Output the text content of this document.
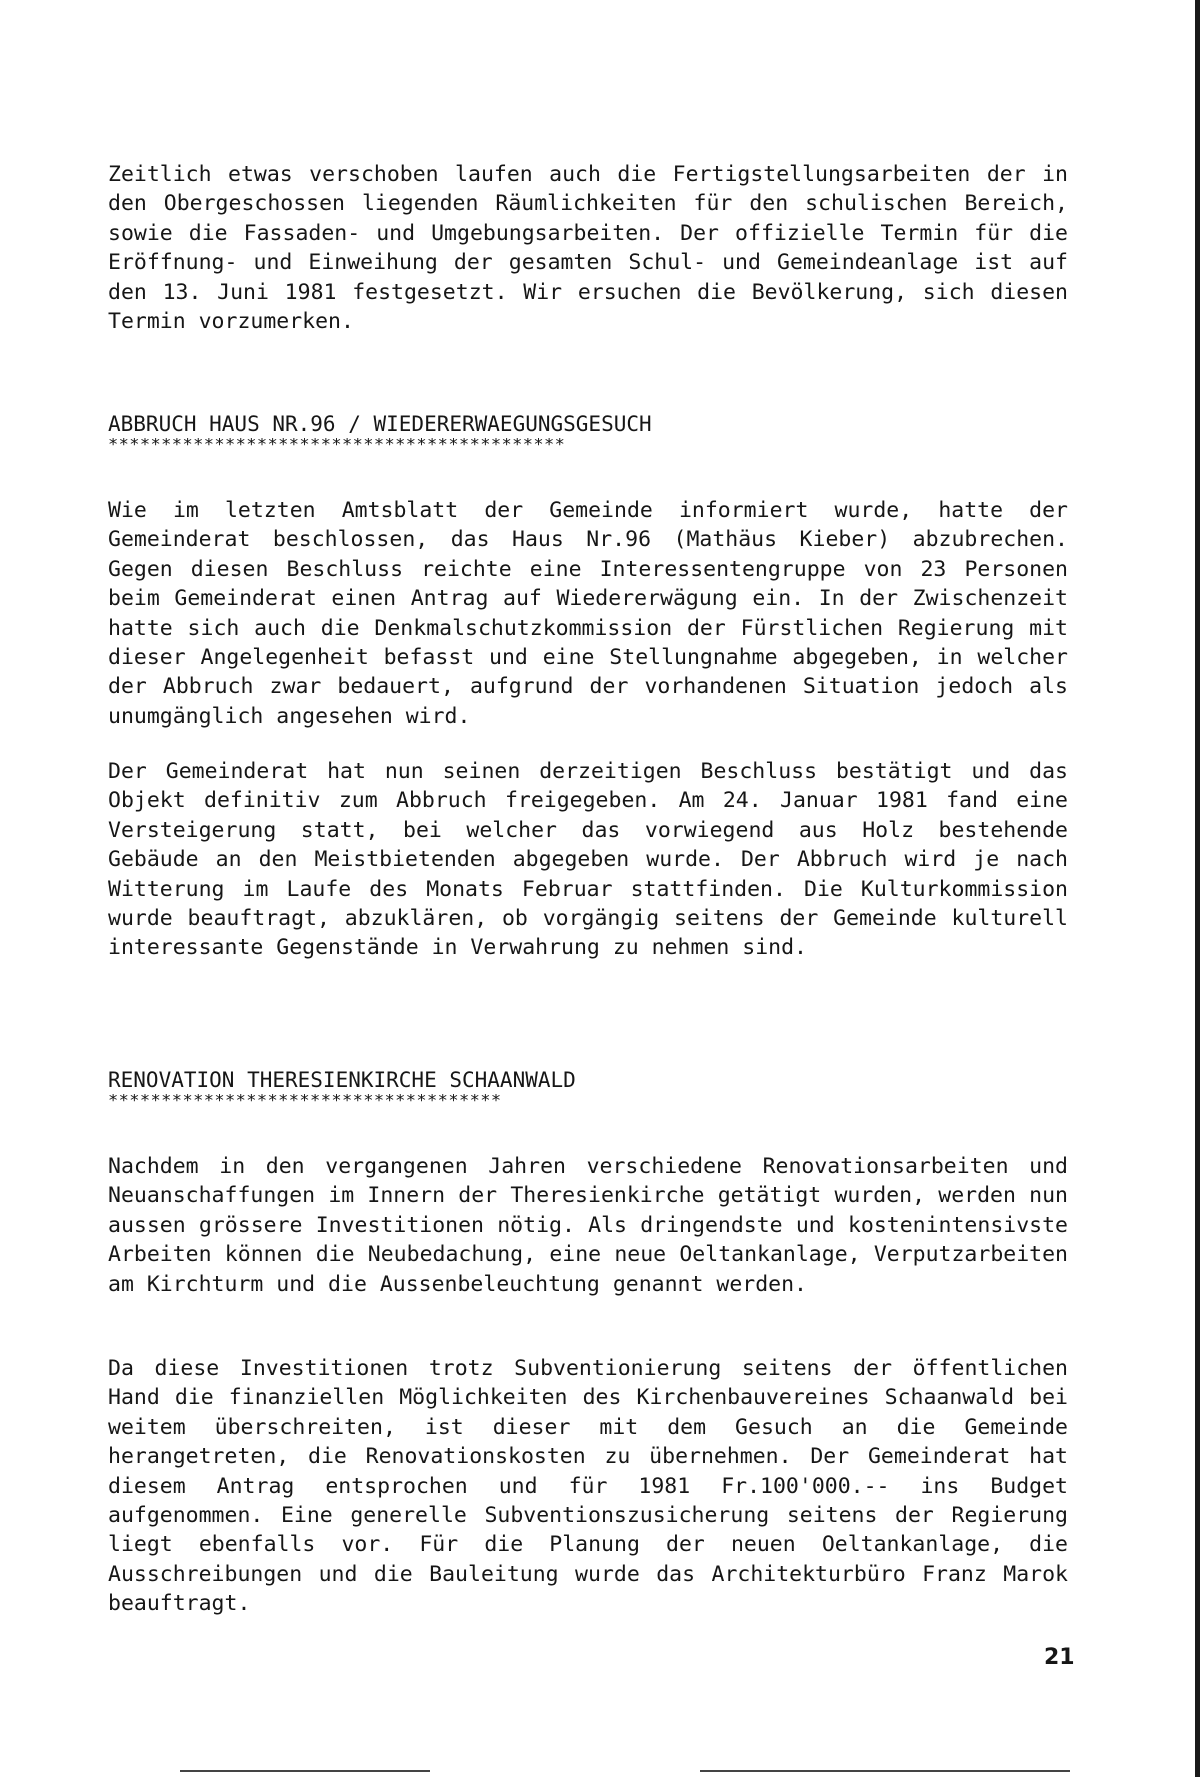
Zeitlich etwas verschoben laufen auch die Fertigstellungsarbeiten der in den Obergeschossen liegenden Räumlichkeiten für den schulischen Bereich, sowie die Fassaden- und Umgebungsarbeiten. Der offizielle Termin für die Eröffnung- und Einweihung der gesamten Schul- und Gemeindeanlage ist auf den 13. Juni 1981 festgesetzt. Wir ersuchen die Bevölkerung, sich diesen Termin vorzumerken.

ABBRUCH HAUS NR.96 / WIEDERERWAEGUNGSGESUCH

*******************************************

Wie im letzten Amtsblatt der Gemeinde informiert wurde, hatte der Gemeinderat beschlossen, das Haus Nr.96 (Mathäus Kieber) abzubrechen. Gegen diesen Beschluss reichte eine Interessentengruppe von 23 Personen beim Gemeinderat einen Antrag auf Wiedererwägung ein. In der Zwischenzeit hatte sich auch die Denkmalschutzkommission der Fürstlichen Regierung mit dieser Angelegenheit befasst und eine Stellungnahme abgegeben, in welcher der Abbruch zwar bedauert, aufgrund der vorhandenen Situation jedoch als unumgänglich angesehen wird.

Der Gemeinderat hat nun seinen derzeitigen Beschluss bestätigt und das Objekt definitiv zum Abbruch freigegeben. Am 24. Januar 1981 fand eine Versteigerung statt, bei welcher das vorwiegend aus Holz bestehende Gebäude an den Meistbietenden abgegeben wurde. Der Abbruch wird je nach Witterung im Laufe des Monats Februar stattfinden. Die Kulturkommission wurde beauftragt, abzuklären, ob vorgängig seitens der Gemeinde kulturell interessante Gegenstände in Verwahrung zu nehmen sind.

RENOVATION THERESIENKIRCHE SCHAANWALD

*************************************

Nachdem in den vergangenen Jahren verschiedene Renovationsarbeiten und Neuanschaffungen im Innern der Theresienkirche getätigt wurden, werden nun aussen grössere Investitionen nötig. Als dringendste und kostenintensivste Arbeiten können die Neubedachung, eine neue Oeltankanlage, Verputzarbeiten am Kirchturm und die Aussenbeleuchtung genannt werden.

Da diese Investitionen trotz Subventionierung seitens der öffentlichen Hand die finanziellen Möglichkeiten des Kirchenbauvereines Schaanwald bei weitem überschreiten, ist dieser mit dem Gesuch an die Gemeinde herangetreten, die Renovationskosten zu übernehmen. Der Gemeinderat hat diesem Antrag entsprochen und für 1981 Fr.100'000.-- ins Budget aufgenommen. Eine generelle Subventionszusicherung seitens der Regierung liegt ebenfalls vor. Für die Planung der neuen Oeltankanlage, die Ausschreibungen und die Bauleitung wurde das Architekturbüro Franz Marok beauftragt.

21
